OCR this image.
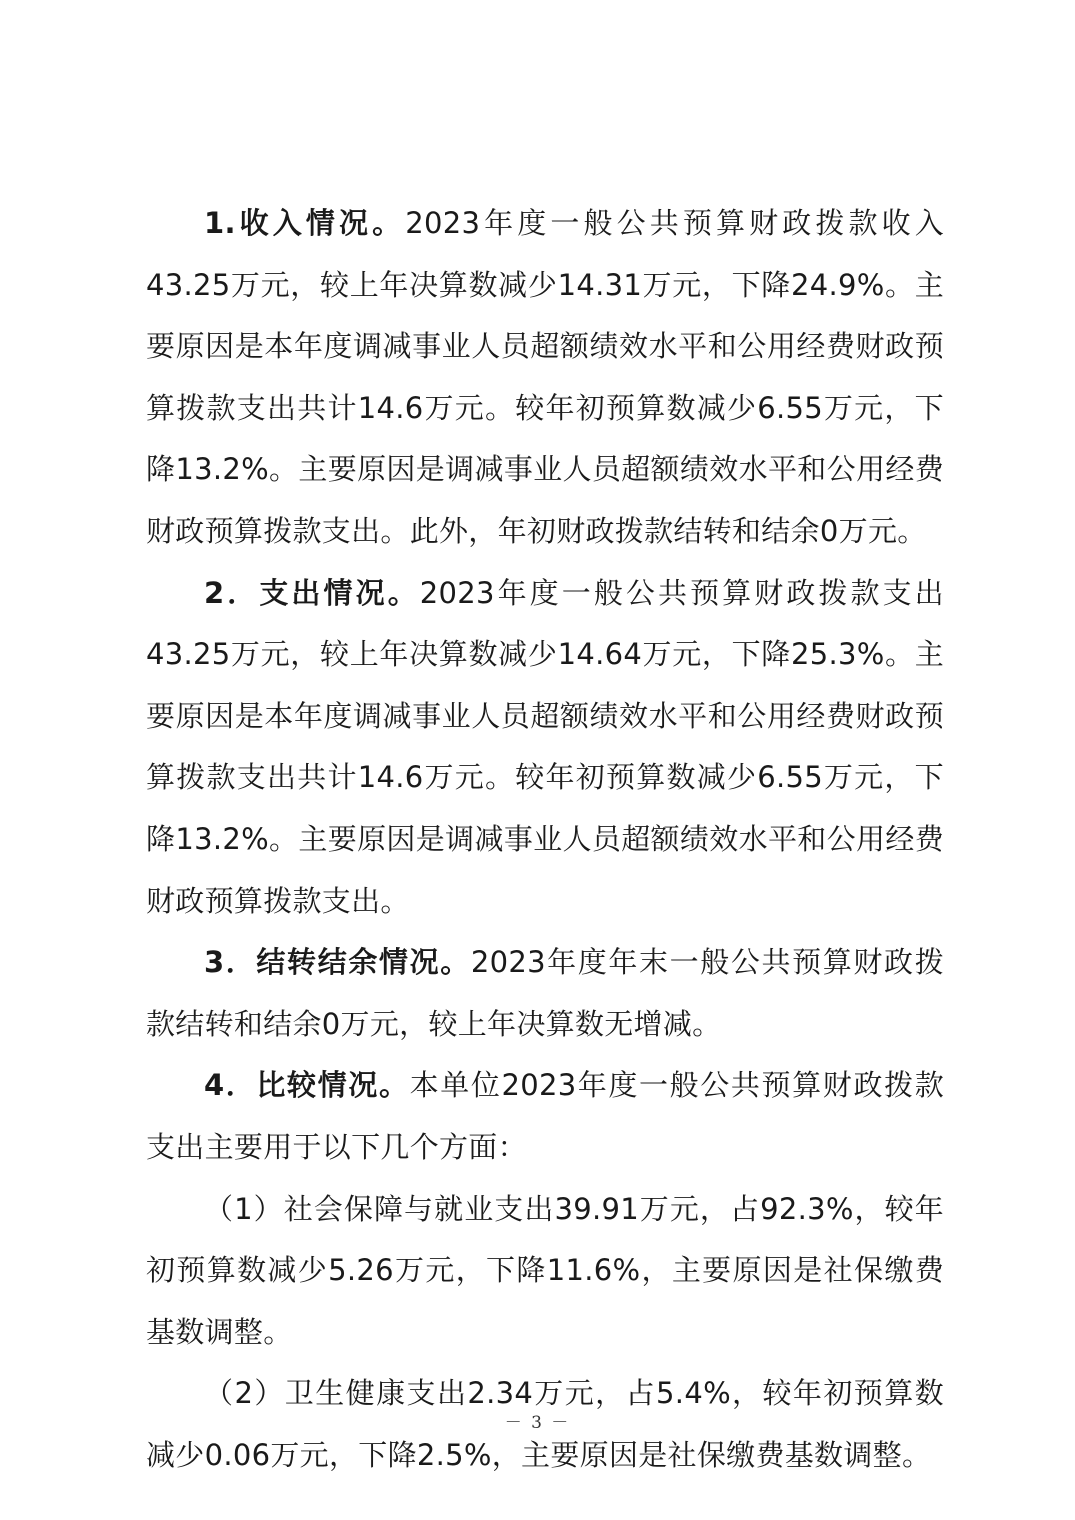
1.收入情况。2023年度一般公共预算财政拨款收入43.25万元，较上年决算数减少14.31万元，下降24.9%。主要原因是本年度调减事业人员超额绩效水平和公用经费财政预算拨款支出共计14.6万元。较年初预算数减少6.55万元，下降13.2%。主要原因是调减事业人员超额绩效水平和公用经费财政预算拨款支出。此外，年初财政拨款结转和结余0万元。

2．支出情况。2023年度一般公共预算财政拨款支出43.25万元，较上年决算数减少14.64万元，下降25.3%。主要原因是本年度调减事业人员超额绩效水平和公用经费财政预算拨款支出共计14.6万元。较年初预算数减少6.55万元，下降13.2%。主要原因是调减事业人员超额绩效水平和公用经费财政预算拨款支出。

3．结转结余情况。2023年度年末一般公共预算财政拨款结转和结余0万元，较上年决算数无增减。

4．比较情况。本单位2023年度一般公共预算财政拨款支出主要用于以下几个方面：

（1）社会保障与就业支出39.91万元，占92.3%，较年初预算数减少5.26万元，下降11.6%，主要原因是社保缴费基数调整。

（2）卫生健康支出2.34万元，占5.4%，较年初预算数减少0.06万元，下降2.5%，主要原因是社保缴费基数调整。

－ 3 －
